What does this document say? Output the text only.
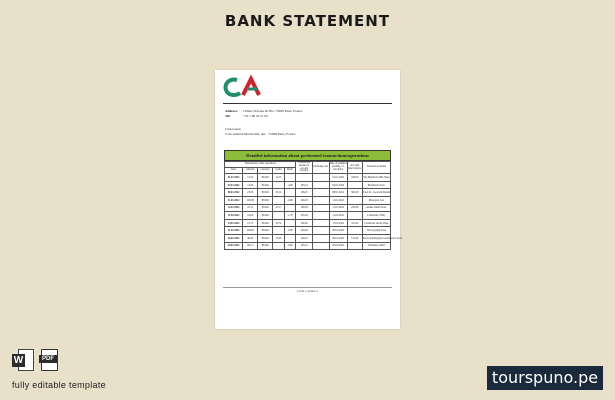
BANK STATEMENT
Address: 18 Rue Voltaire & Fils, 75008 Paris, France
Tel:	+33 1 80 20 21 00
John Green
2 rue Général Martin Sifi, apt. , 75008 Paris, France
Detailed information about performed transactions/operations
Transactions, other operations					Transaction amount in account currency	Exchange rate	Date of terminal pending / to execution	Account final balance	Transaction details
Date	Amount	Currency	Credit	Debit					
01.01.2022	12,55	EURO	12,55				01.01.2022	326,00	The Hundreds Mile Shop
02.01.2022	14,00	EURO		-4,00	103,14		02.01.2022		Boucherie Store
08.01.2022	23,00	EURO	23,14		108,25		08.01.2022	300,26	S.A.LD - Goods & Details
11.01.2022	200,00	EURO		-0,00	100,20		11.01.2022		Monoprix Lux
12.01.2022	22,15	EURO	25,17		108,03		11.01.2022	250,00	Atelier Outils Store
11.02.2022	16,00	EURO		-1,70	105,93		11.02.2022		Lafaboune / Bluy
14.01.2022	21,73	EURO	13,74		100,02		17.02.2022	321,02	ClassiCuit Group Wine
21.02.2022	200,00	EURO		-0,00	103,40		20.02.2022		The Gypsing Store
26.02.2022	46,20	EURO	13,00		104,27		26.02.2022	122,00	Sud Garde Regent Convenience Store
28.02.2022	192,11	EURO		-0,00	103,13		28.02.2022		Waitakere ATM
Credit Commerce
W	PDF
fully editable template	tourspuno.pe
